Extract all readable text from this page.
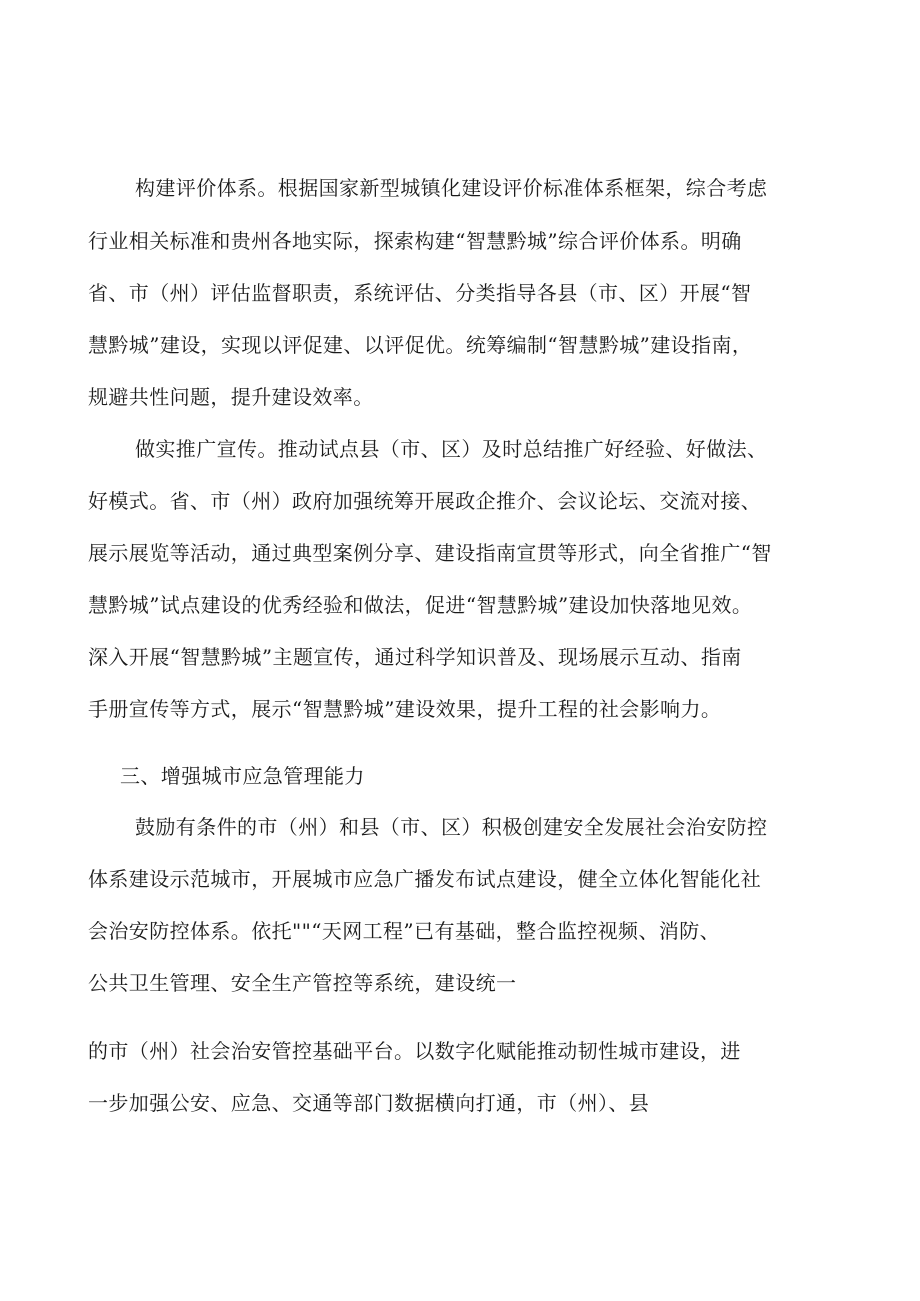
构建评价体系。根据国家新型城镇化建设评价标准体系框架，综合考虑
行业相关标准和贵州各地实际，探索构建“智慧黔城”综合评价体系。明确
省、市（州）评估监督职责，系统评估、分类指导各县（市、区）开展“智
慧黔城”建设，实现以评促建、以评促优。统筹编制“智慧黔城”建设指南，
规避共性问题，提升建设效率。
做实推广宣传。推动试点县（市、区）及时总结推广好经验、好做法、
好模式。省、市（州）政府加强统筹开展政企推介、会议论坛、交流对接、
展示展览等活动，通过典型案例分享、建设指南宣贯等形式，向全省推广“智
慧黔城”试点建设的优秀经验和做法，促进“智慧黔城”建设加快落地见效。
深入开展“智慧黔城”主题宣传，通过科学知识普及、现场展示互动、指南
手册宣传等方式，展示“智慧黔城”建设效果，提升工程的社会影响力。
三、增强城市应急管理能力
鼓励有条件的市（州）和县（市、区）积极创建安全发展社会治安防控
体系建设示范城市，开展城市应急广播发布试点建设，健全立体化智能化社
会治安防控体系。依托""“天网工程”已有基础，整合监控视频、消防、
公共卫生管理、安全生产管控等系统，建设统一
的市（州）社会治安管控基础平台。以数字化赋能推动韧性城市建设，进
一步加强公安、应急、交通等部门数据横向打通，市（州）、县
